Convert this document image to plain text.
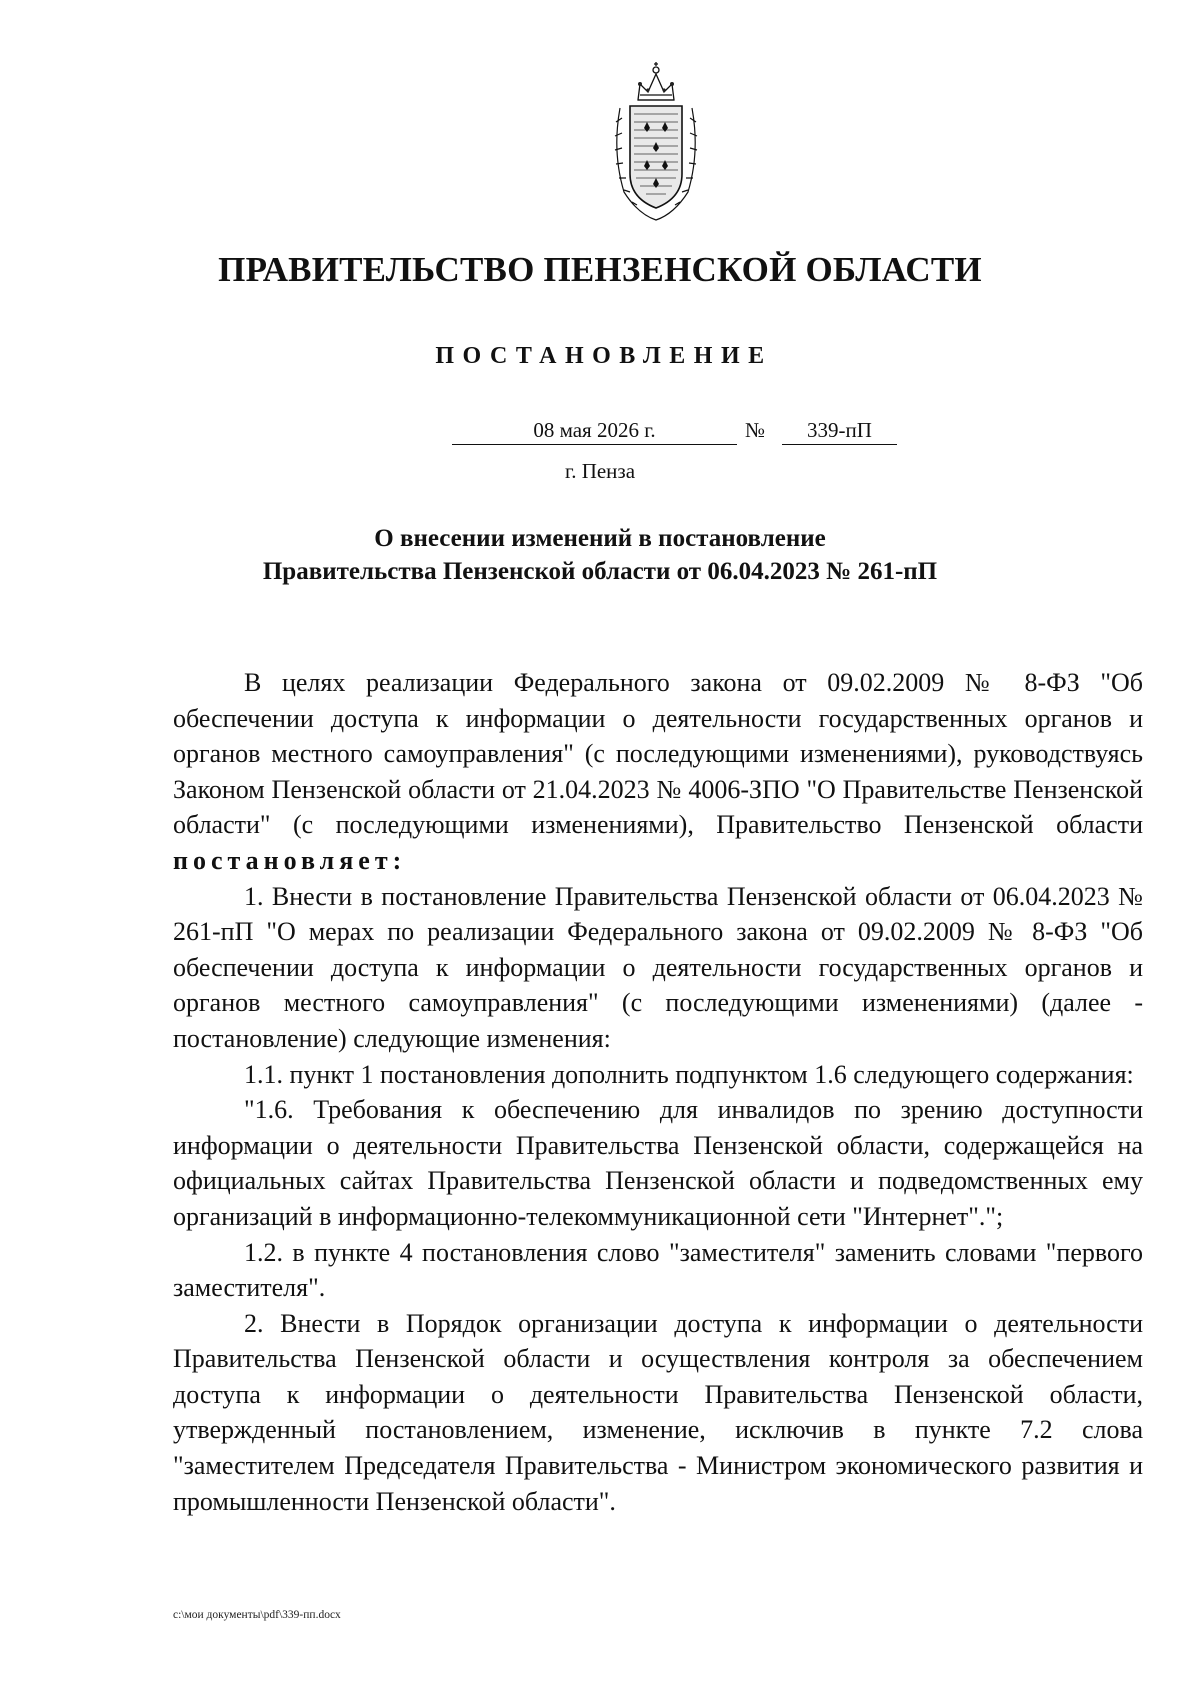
ПРАВИТЕЛЬСТВО ПЕНЗЕНСКОЙ ОБЛАСТИ
ПОСТАНОВЛЕНИЕ
08 мая 2026 г.	№	339-пП
г. Пенза
О внесении изменений в постановление
Правительства Пензенской области от 06.04.2023 № 261-пП

В целях реализации Федерального закона от 09.02.2009 № 8-ФЗ "Об обеспечении доступа к информации о деятельности государственных органов и органов местного самоуправления" (с последующими изменениями), руководствуясь Законом Пензенской области от 21.04.2023 № 4006-ЗПО "О Правительстве Пензенской области" (с последующими изменениями), Правительство Пензенской области постановляет:

1. Внести в постановление Правительства Пензенской области от 06.04.2023 № 261-пП "О мерах по реализации Федерального закона от 09.02.2009 № 8-ФЗ "Об обеспечении доступа к информации о деятельности государственных органов и органов местного самоуправления" (с последующими изменениями) (далее - постановление) следующие изменения:

1.1. пункт 1 постановления дополнить подпунктом 1.6 следующего содержания:

"1.6. Требования к обеспечению для инвалидов по зрению доступности информации о деятельности Правительства Пензенской области, содержащейся на официальных сайтах Правительства Пензенской области и подведомственных ему организаций в информационно-телекоммуникационной сети "Интернет".";

1.2. в пункте 4 постановления слово "заместителя" заменить словами "первого заместителя".

2. Внести в Порядок организации доступа к информации о деятельности Правительства Пензенской области и осуществления контроля за обеспечением доступа к информации о деятельности Правительства Пензенской области, утвержденный постановлением, изменение, исключив в пункте 7.2 слова "заместителем Председателя Правительства - Министром экономического развития и промышленности Пензенской области".

c:\мои документы\pdf\339-пп.docx
